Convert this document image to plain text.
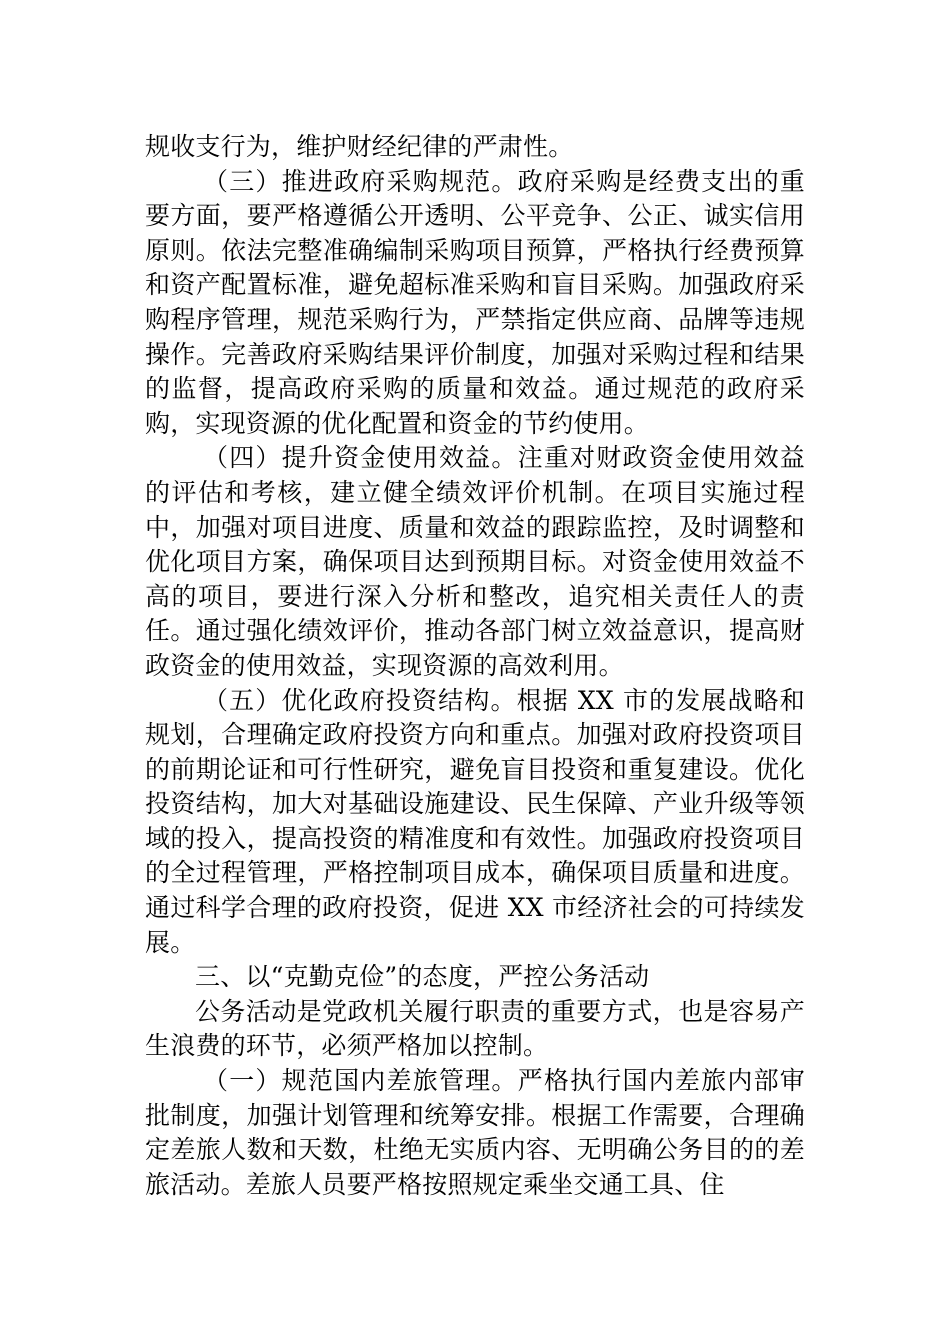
规收支行为，维护财经纪律的严肃性。

（三）推进政府采购规范。政府采购是经费支出的重要方面，要严格遵循公开透明、公平竞争、公正、诚实信用原则。依法完整准确编制采购项目预算，严格执行经费预算和资产配置标准，避免超标准采购和盲目采购。加强政府采购程序管理，规范采购行为，严禁指定供应商、品牌等违规操作。完善政府采购结果评价制度，加强对采购过程和结果的监督，提高政府采购的质量和效益。通过规范的政府采购，实现资源的优化配置和资金的节约使用。

（四）提升资金使用效益。注重对财政资金使用效益的评估和考核，建立健全绩效评价机制。在项目实施过程中，加强对项目进度、质量和效益的跟踪监控，及时调整和优化项目方案，确保项目达到预期目标。对资金使用效益不高的项目，要进行深入分析和整改，追究相关责任人的责任。通过强化绩效评价，推动各部门树立效益意识，提高财政资金的使用效益，实现资源的高效利用。

（五）优化政府投资结构。根据 XX 市的发展战略和规划，合理确定政府投资方向和重点。加强对政府投资项目的前期论证和可行性研究，避免盲目投资和重复建设。优化投资结构，加大对基础设施建设、民生保障、产业升级等领域的投入，提高投资的精准度和有效性。加强政府投资项目的全过程管理，严格控制项目成本，确保项目质量和进度。通过科学合理的政府投资，促进 XX 市经济社会的可持续发展。

三、以“克勤克俭”的态度，严控公务活动

公务活动是党政机关履行职责的重要方式，也是容易产生浪费的环节，必须严格加以控制。

（一）规范国内差旅管理。严格执行国内差旅内部审批制度，加强计划管理和统筹安排。根据工作需要，合理确定差旅人数和天数，杜绝无实质内容、无明确公务目的的差旅活动。差旅人员要严格按照规定乘坐交通工具、住
